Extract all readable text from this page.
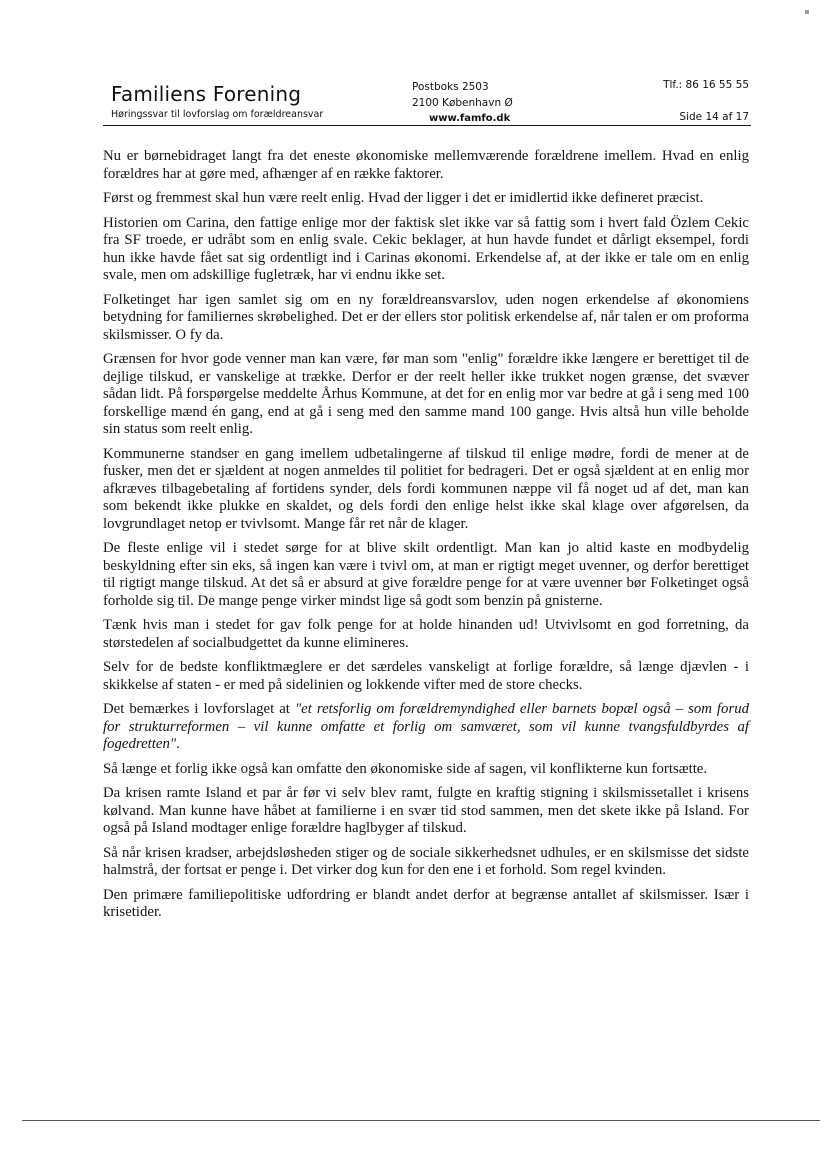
Familiens Forening
Høringssvar til lovforslag om forældreansvar
Postboks 2503
2100 København Ø
www.famfo.dk
Tlf.: 86 16 55 55
Side 14 af 17

Nu er børnebidraget langt fra det eneste økonomiske mellemværende forældrene imellem. Hvad en enlig forældres har at gøre med, afhænger af en række faktorer.

Først og fremmest skal hun være reelt enlig. Hvad der ligger i det er imidlertid ikke defineret præcist.

Historien om Carina, den fattige enlige mor der faktisk slet ikke var så fattig som i hvert fald Özlem Cekic fra SF troede, er udråbt som en enlig svale. Cekic beklager, at hun havde fundet et dårligt eksempel, fordi hun ikke havde fået sat sig ordentligt ind i Carinas økonomi. Erkendelse af, at der ikke er tale om en enlig svale, men om adskillige fugletræk, har vi endnu ikke set.

Folketinget har igen samlet sig om en ny forældreansvarslov, uden nogen erkendelse af økonomiens betydning for familiernes skrøbelighed. Det er der ellers stor politisk erkendelse af, når talen er om proforma skilsmisser. O fy da.

Grænsen for hvor gode venner man kan være, før man som "enlig" forældre ikke længere er berettiget til de dejlige tilskud, er vanskelige at trække. Derfor er der reelt heller ikke trukket nogen grænse, det svæver sådan lidt. På forspørgelse meddelte Århus Kommune, at det for en enlig mor var bedre at gå i seng med 100 forskellige mænd én gang, end at gå i seng med den samme mand 100 gange. Hvis altså hun ville beholde sin status som reelt enlig.

Kommunerne standser en gang imellem udbetalingerne af tilskud til enlige mødre, fordi de mener at de fusker, men det er sjældent at nogen anmeldes til politiet for bedrageri. Det er også sjældent at en enlig mor afkræves tilbagebetaling af fortidens synder, dels fordi kommunen næppe vil få noget ud af det, man kan som bekendt ikke plukke en skaldet, og dels fordi den enlige helst ikke skal klage over afgørelsen, da lovgrundlaget netop er tvivlsomt. Mange får ret når de klager.

De fleste enlige vil i stedet sørge for at blive skilt ordentligt. Man kan jo altid kaste en modbydelig beskyldning efter sin eks, så ingen kan være i tvivl om, at man er rigtigt meget uvenner, og derfor berettiget til rigtigt mange tilskud. At det så er absurd at give forældre penge for at være uvenner bør Folketinget også forholde sig til. De mange penge virker mindst lige så godt som benzin på gnisterne.

Tænk hvis man i stedet for gav folk penge for at holde hinanden ud! Utvivlsomt en god forretning, da størstedelen af socialbudgettet da kunne elimineres.

Selv for de bedste konfliktmæglere er det særdeles vanskeligt at forlige forældre, så længe djævlen - i skikkelse af staten - er med på sidelinien og lokkende vifter med de store checks.

Det bemærkes i lovforslaget at "et retsforlig om forældremyndighed eller barnets bopæl også – som forud for strukturreformen – vil kunne omfatte et forlig om samværet, som vil kunne tvangsfuldbyrdes af fogedretten".

Så længe et forlig ikke også kan omfatte den økonomiske side af sagen, vil konflikterne kun fortsætte.

Da krisen ramte Island et par år før vi selv blev ramt, fulgte en kraftig stigning i skilsmissetallet i krisens kølvand. Man kunne have håbet at familierne i en svær tid stod sammen, men det skete ikke på Island. For også på Island modtager enlige forældre haglbyger af tilskud.

Så når krisen kradser, arbejdsløsheden stiger og de sociale sikkerhedsnet udhules, er en skilsmisse det sidste halmstrå, der fortsat er penge i. Det virker dog kun for den ene i et forhold. Som regel kvinden.

Den primære familiepolitiske udfordring er blandt andet derfor at begrænse antallet af skilsmisser. Især i krisetider.
